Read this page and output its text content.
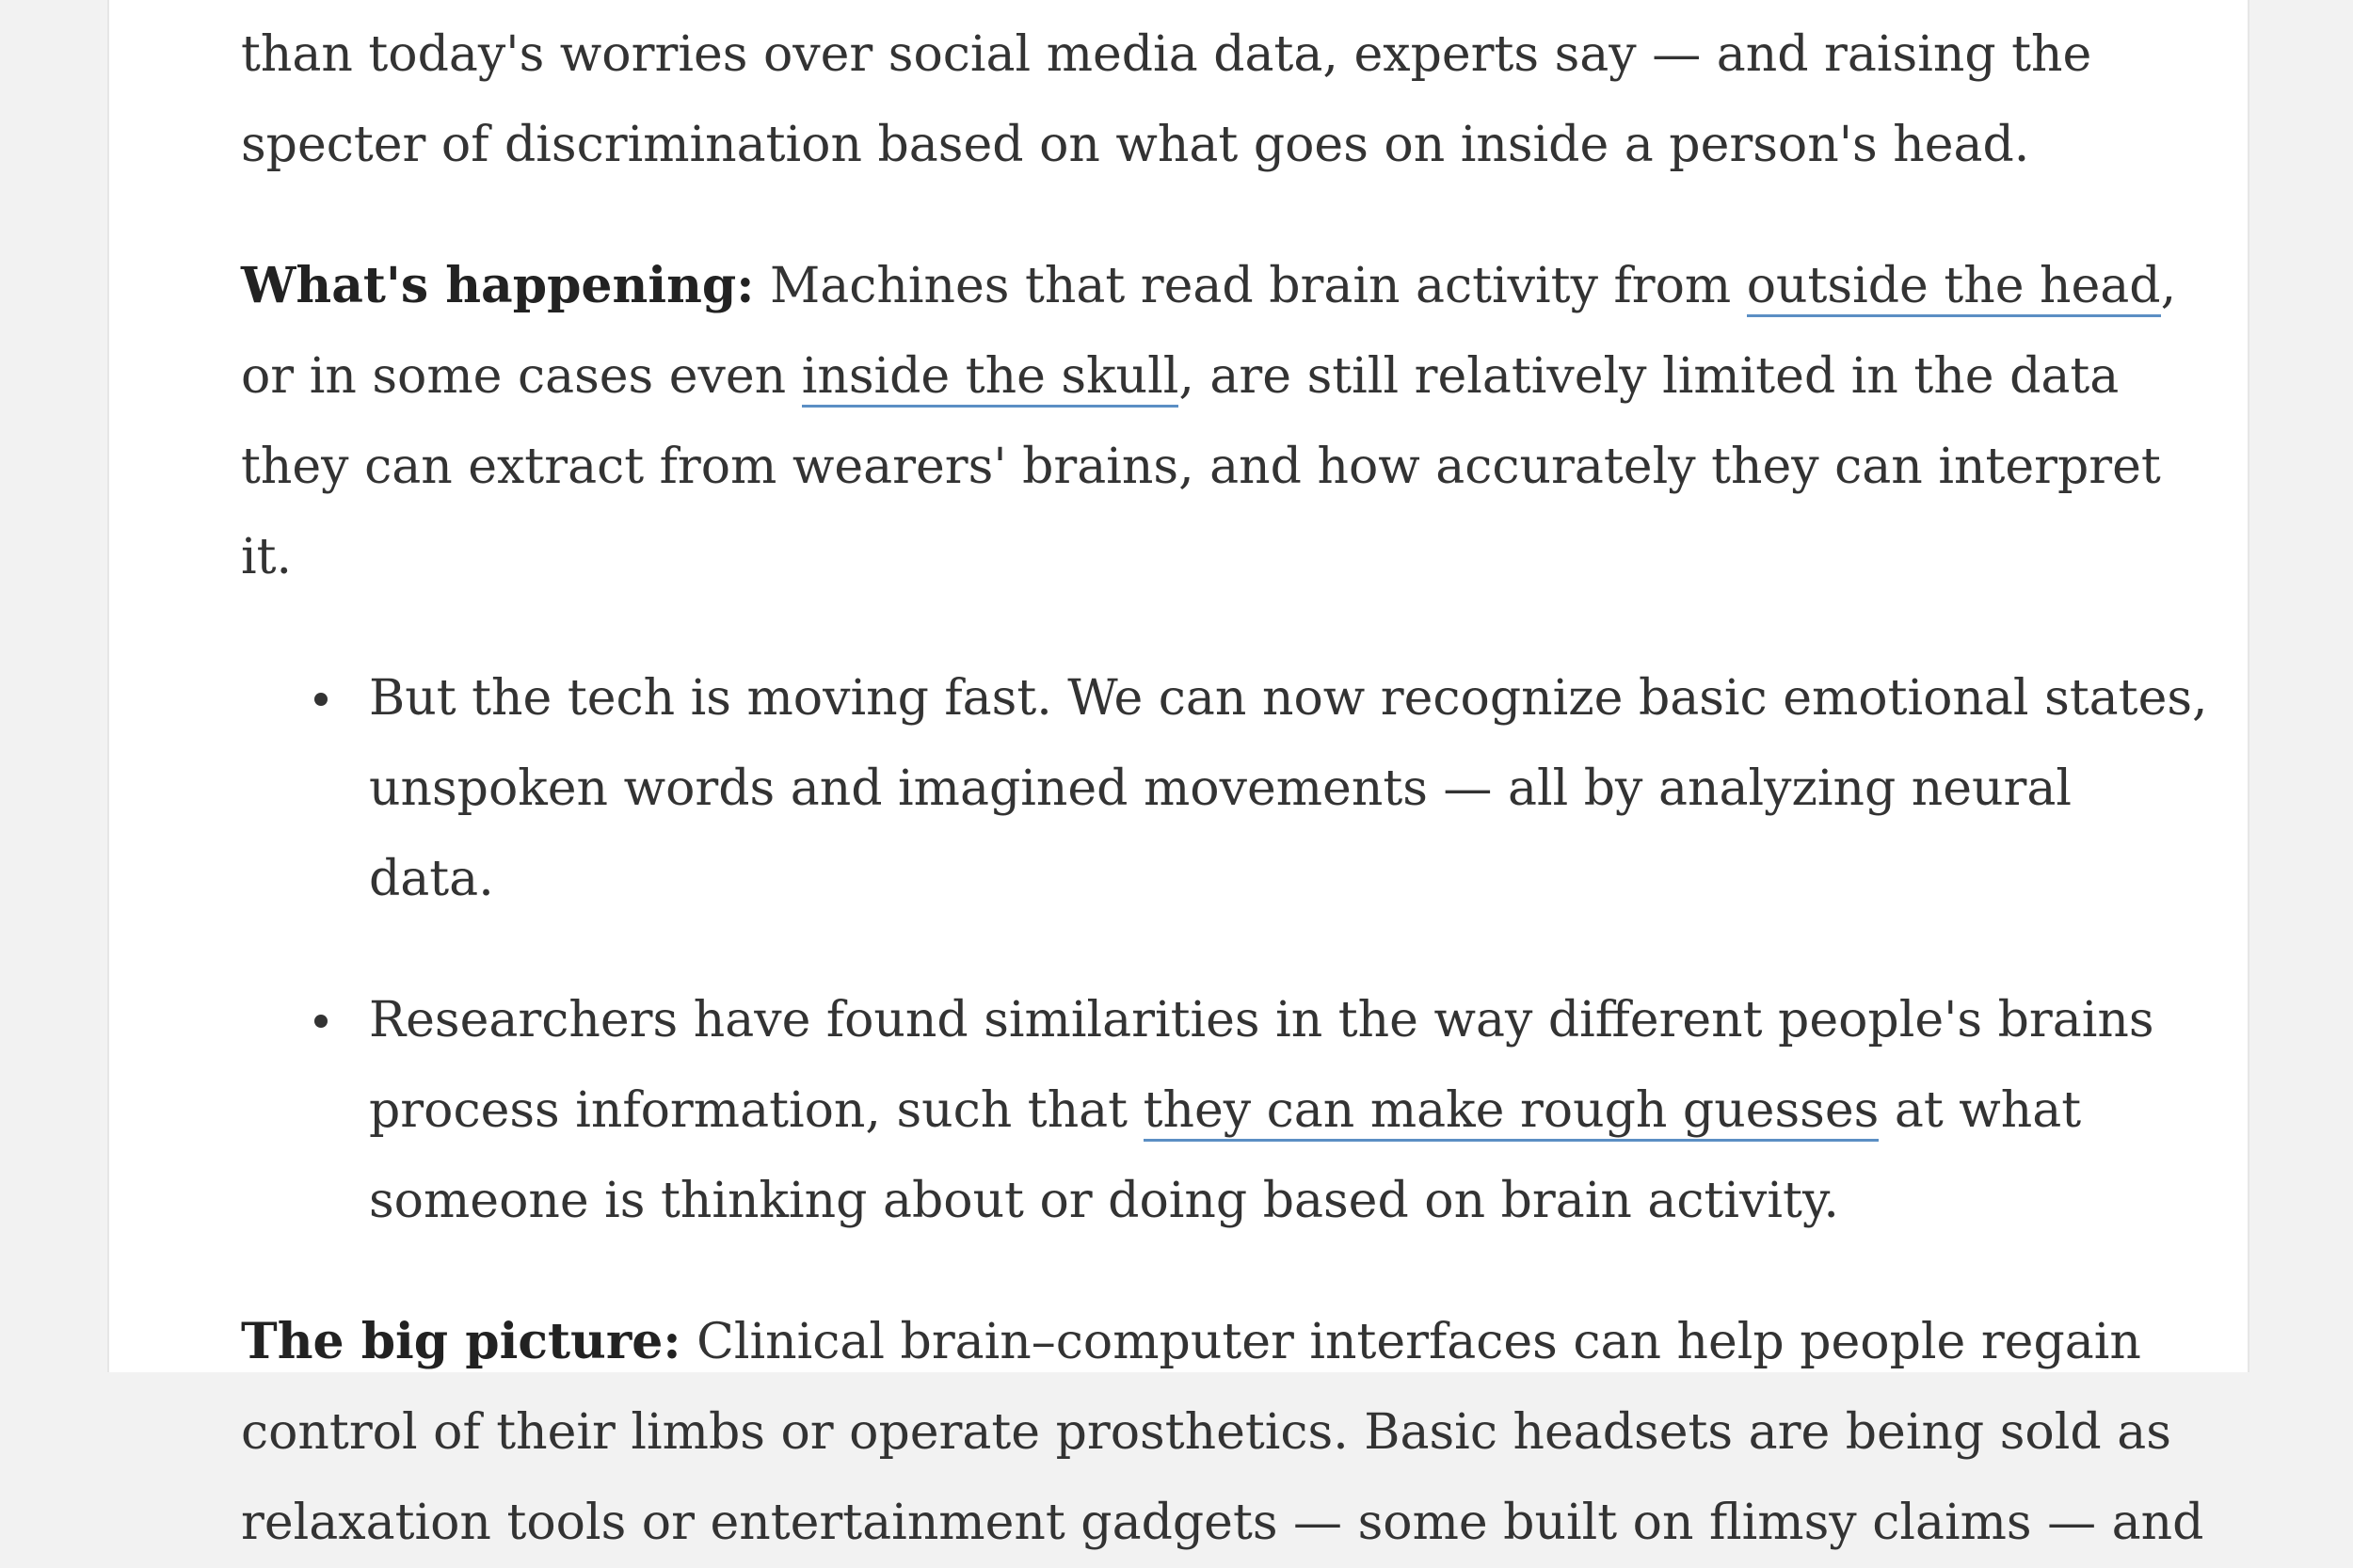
than today's worries over social media data, experts say — and raising the specter of discrimination based on what goes on inside a person's head.

What's happening: Machines that read brain activity from outside the head, or in some cases even inside the skull, are still relatively limited in the data they can extract from wearers' brains, and how accurately they can interpret it.

But the tech is moving fast. We can now recognize basic emotional states, unspoken words and imagined movements — all by analyzing neural data.
Researchers have found similarities in the way different people's brains process information, such that they can make rough guesses at what someone is thinking about or doing based on brain activity.

The big picture: Clinical brain–computer interfaces can help people regain control of their limbs or operate prosthetics. Basic headsets are being sold as relaxation tools or entertainment gadgets — some built on flimsy claims — and
